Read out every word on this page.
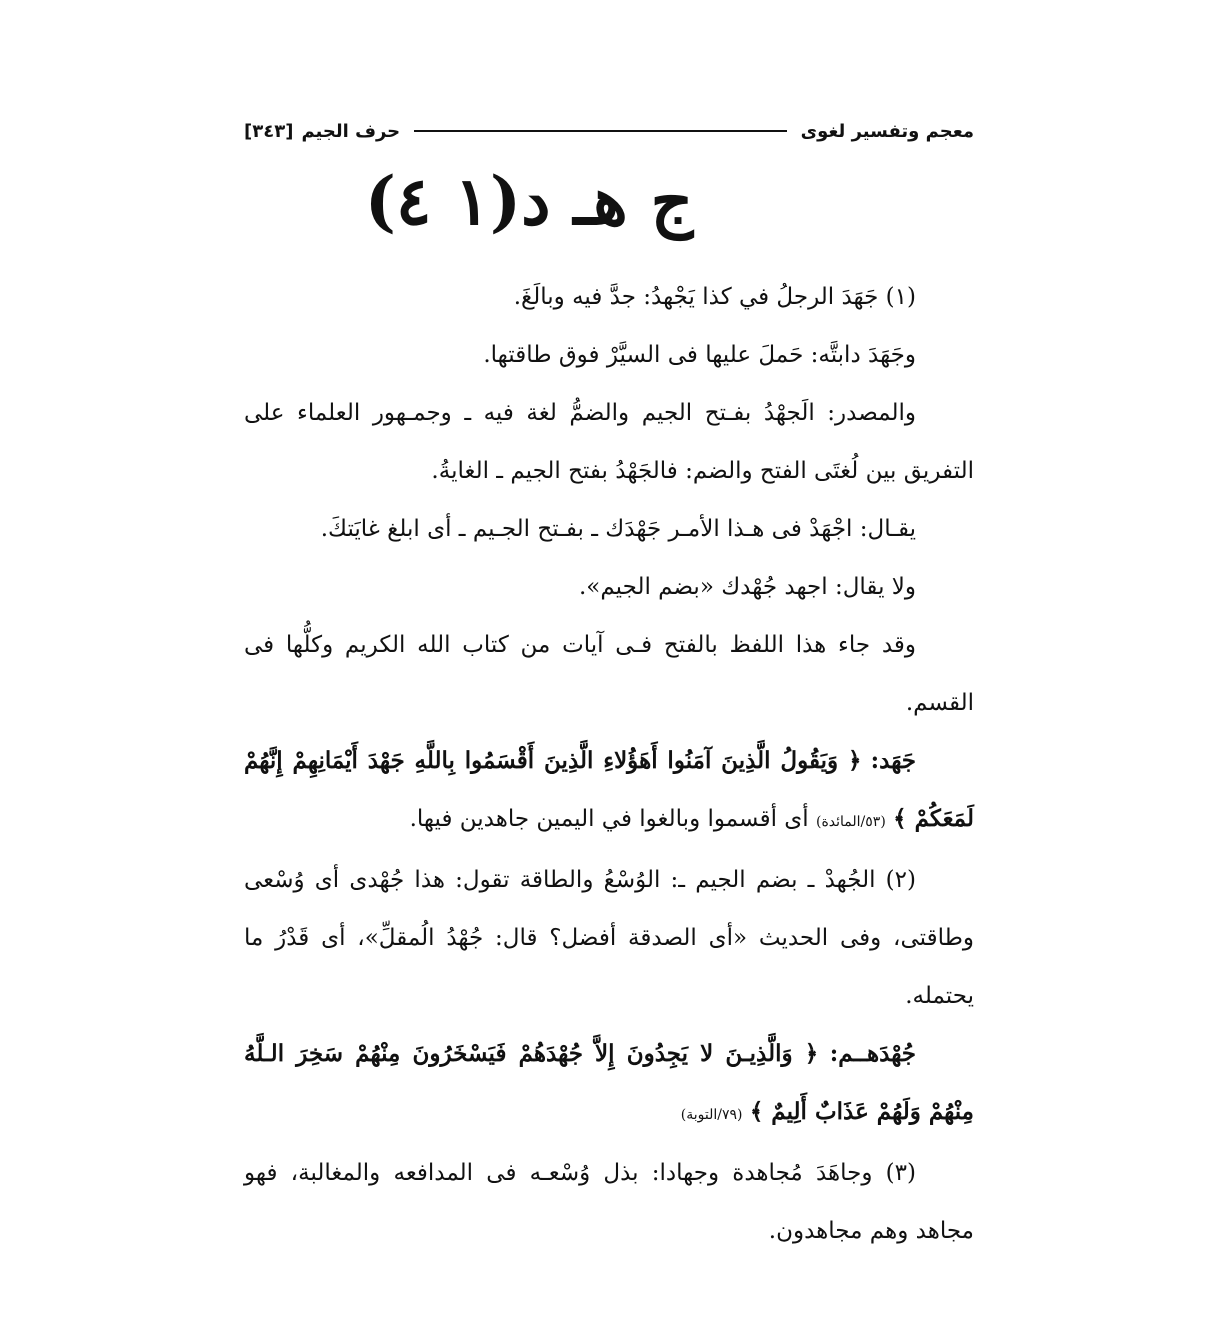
معجم وتفسير لغوى
حرف الجيم
[٣٤٣]
ج هـ د(١ ٤)

(١) جَهَدَ الرجلُ في كذا يَجْهدُ: جدَّ فيه وبالَغَ.

وجَهَدَ دابتَّه: حَملَ عليها فى السيَّرْ فوق طاقتها.

والمصدر: الَجهْدُ بفـتح الجيم والضمُّ لغة فيه ـ وجمـهور العلماء على التفريق بين لُغتَى الفتح والضم: فالجَهْدُ بفتح الجيم ـ الغايةُ.

يقـال: اجْهَدْ فى هـذا الأمـر جَهْدَك ـ بفـتح الجـيم ـ أى ابلغ غايَتكَ.

ولا يقال: اجهد جُهْدك «بضم الجيم».

وقد جاء هذا اللفظ بالفتح فـى آيات من كتاب الله الكريم وكلُّها فى القسم.

جَهَد: ﴿ وَيَقُولُ الَّذِينَ آمَنُوا أَهَؤُلاءِ الَّذِينَ أَقْسَمُوا بِاللَّهِ جَهْدَ أَيْمَانِهِمْ إِنَّهُمْ لَمَعَكُمْ ﴾ (٥٣/المائدة) أى أقسموا وبالغوا في اليمين جاهدين فيها.

(٢) الجُهدْ ـ بضم الجيم ـ: الوُسْعُ والطاقة تقول: هذا جُهْدى أى وُسْعى وطاقتى، وفى الحديث «أى الصدقة أفضل؟ قال: جُهْدُ الُمقلِّ»، أى قَدْرُ ما يحتمله.

جُهْدَهــم: ﴿ وَالَّذِيـنَ لا يَجِدُونَ إِلاَّ جُهْدَهُمْ فَيَسْخَرُونَ مِنْهُمْ سَخِرَ الـلَّهُ مِنْهُمْ وَلَهُمْ عَذَابٌ أَلِيمٌ ﴾ (٧٩/التوبة)

(٣) وجاهَدَ مُجاهدة وجهادا: بذل وُسْعـه فى المدافعه والمغالبة، فهو مجاهد وهم مجاهدون.
